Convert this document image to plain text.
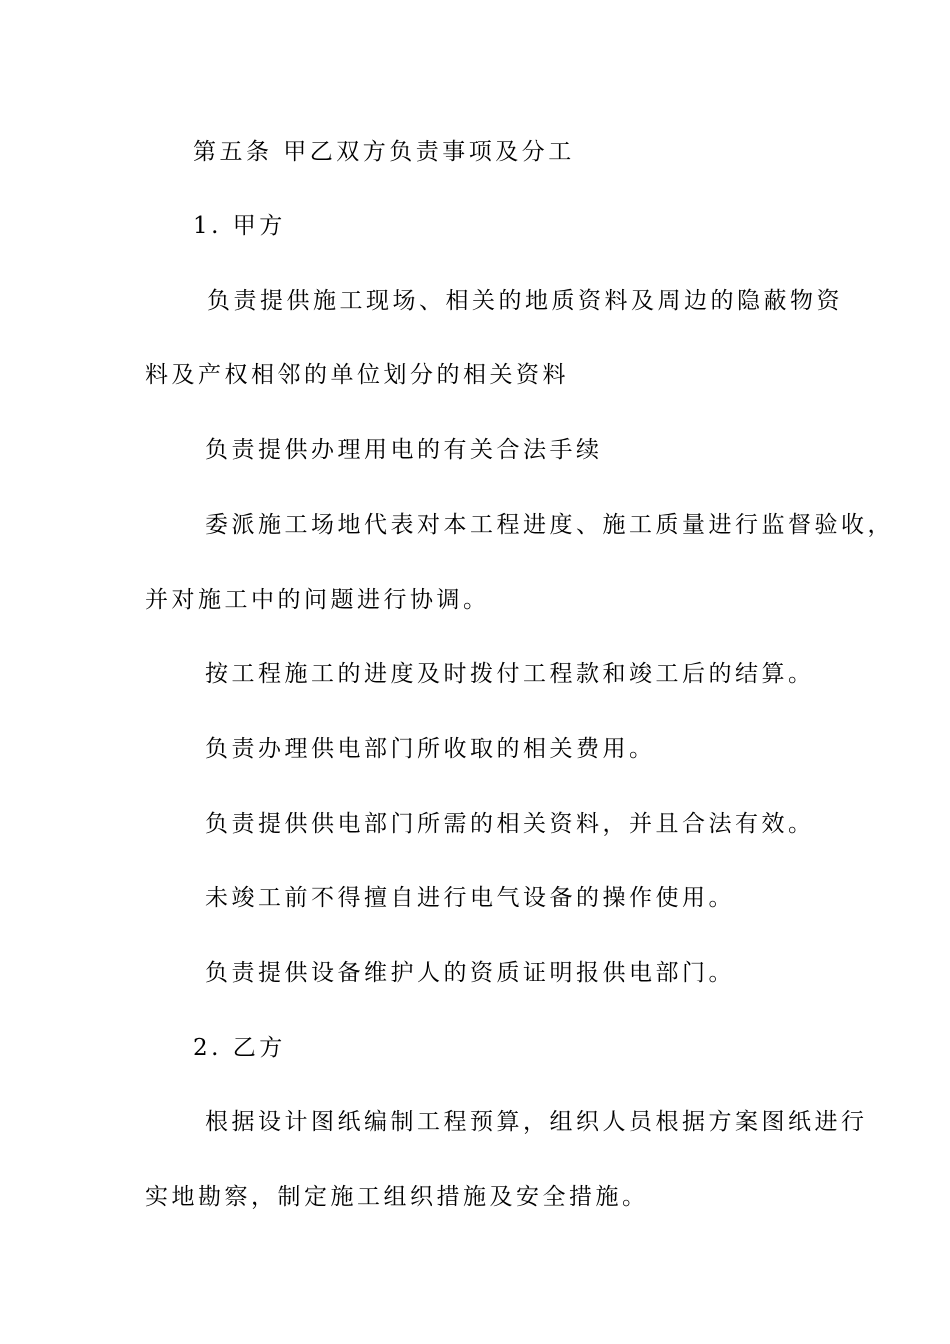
第五条 甲乙双方负责事项及分工
1. 甲方
负责提供施工现场、相关的地质资料及周边的隐蔽物资
料及产权相邻的单位划分的相关资料
负责提供办理用电的有关合法手续
委派施工场地代表对本工程进度、施工质量进行监督验收，
并对施工中的问题进行协调。
按工程施工的进度及时拨付工程款和竣工后的结算。
负责办理供电部门所收取的相关费用。
负责提供供电部门所需的相关资料，并且合法有效。
未竣工前不得擅自进行电气设备的操作使用。
负责提供设备维护人的资质证明报供电部门。
2. 乙方
根据设计图纸编制工程预算，组织人员根据方案图纸进行
实地勘察，制定施工组织措施及安全措施。
